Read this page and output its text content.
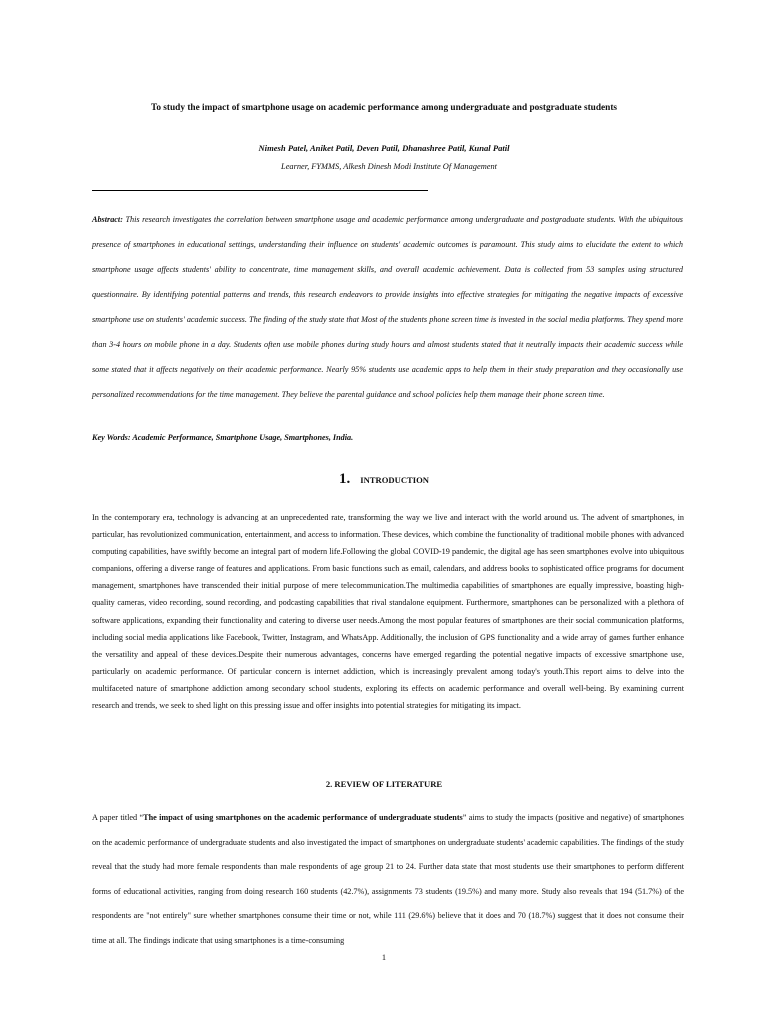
To study the impact of smartphone usage on academic performance among undergraduate and postgraduate students
Nimesh Patel, Aniket Patil, Deven Patil, Dhanashree Patil, Kunal Patil
Learner, FYMMS, Alkesh Dinesh Modi Institute Of Management
Abstract: This research investigates the correlation between smartphone usage and academic performance among undergraduate and postgraduate students. With the ubiquitous presence of smartphones in educational settings, understanding their influence on students' academic outcomes is paramount. This study aims to elucidate the extent to which smartphone usage affects students' ability to concentrate, time management skills, and overall academic achievement. Data is collected from 53 samples using structured questionnaire. By identifying potential patterns and trends, this research endeavors to provide insights into effective strategies for mitigating the negative impacts of excessive smartphone use on students' academic success. The finding of the study state that Most of the students phone screen time is invested in the social media platforms. They spend more than 3-4 hours on mobile phone in a day. Students often use mobile phones during study hours and almost students stated that it neutrally impacts their academic success while some stated that it affects negatively on their academic performance. Nearly 95% students use academic apps to help them in their study preparation and they occasionally use personalized recommendations for the time management. They believe the parental guidance and school policies help them manage their phone screen time.
Key Words: Academic Performance, Smartphone Usage, Smartphones, India.
1. INTRODUCTION
In the contemporary era, technology is advancing at an unprecedented rate, transforming the way we live and interact with the world around us. The advent of smartphones, in particular, has revolutionized communication, entertainment, and access to information. These devices, which combine the functionality of traditional mobile phones with advanced computing capabilities, have swiftly become an integral part of modern life.Following the global COVID-19 pandemic, the digital age has seen smartphones evolve into ubiquitous companions, offering a diverse range of features and applications. From basic functions such as email, calendars, and address books to sophisticated office programs for document management, smartphones have transcended their initial purpose of mere telecommunication.The multimedia capabilities of smartphones are equally impressive, boasting high-quality cameras, video recording, sound recording, and podcasting capabilities that rival standalone equipment. Furthermore, smartphones can be personalized with a plethora of software applications, expanding their functionality and catering to diverse user needs.Among the most popular features of smartphones are their social communication platforms, including social media applications like Facebook, Twitter, Instagram, and WhatsApp. Additionally, the inclusion of GPS functionality and a wide array of games further enhance the versatility and appeal of these devices.Despite their numerous advantages, concerns have emerged regarding the potential negative impacts of excessive smartphone use, particularly on academic performance. Of particular concern is internet addiction, which is increasingly prevalent among today's youth.This report aims to delve into the multifaceted nature of smartphone addiction among secondary school students, exploring its effects on academic performance and overall well-being. By examining current research and trends, we seek to shed light on this pressing issue and offer insights into potential strategies for mitigating its impact.
2. REVIEW OF LITERATURE
A paper titled “The impact of using smartphones on the academic performance of undergraduate students” aims to study the impacts (positive and negative) of smartphones on the academic performance of undergraduate students and also investigated the impact of smartphones on undergraduate students' academic capabilities. The findings of the study reveal that the study had more female respondents than male respondents of age group 21 to 24. Further data state that most students use their smartphones to perform different forms of educational activities, ranging from doing research 160 students (42.7%), assignments 73 students (19.5%) and many more. Study also reveals that 194 (51.7%) of the respondents are "not entirely" sure whether smartphones consume their time or not, while 111 (29.6%) believe that it does and 70 (18.7%) suggest that it does not consume their time at all. The findings indicate that using smartphones is a time-consuming
1
